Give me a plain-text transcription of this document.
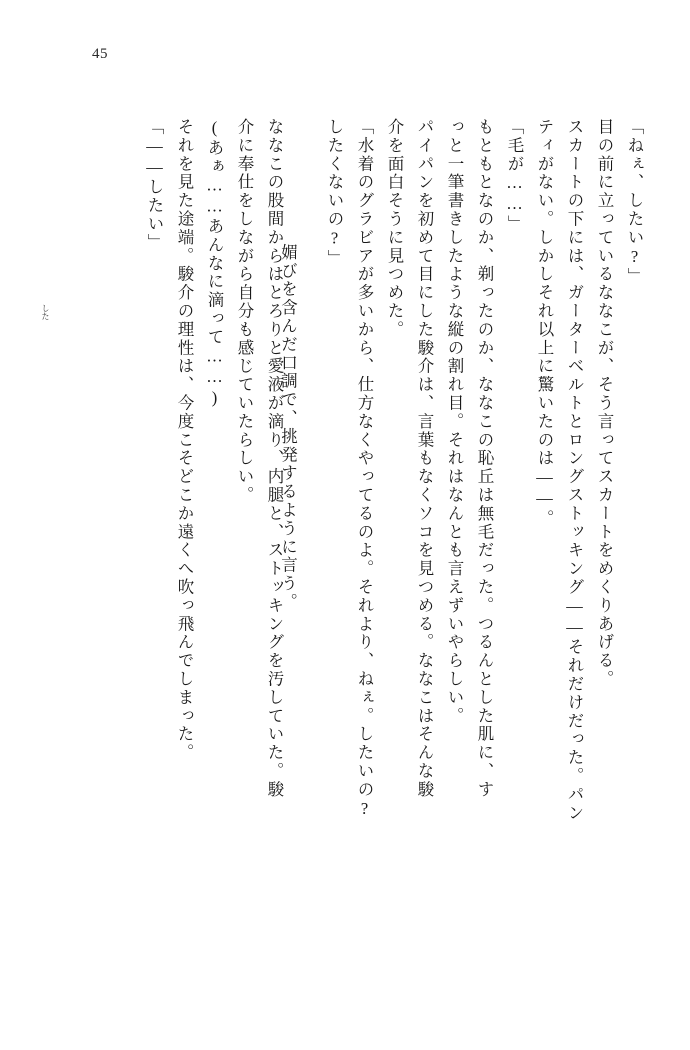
45
「ねぇ、したい?」
目の前に立っているななこが、そう言ってスカートをめくりあげる。
スカートの下には、ガーターベルトとロングストッキング——それだけだった。パン
ティがない。しかしそれ以上に驚いたのは——。
「毛が……」
もともとなのか、剃ったのか、ななこの恥丘は無毛だった。つるんとした肌に、す
っと一筆書きしたような縦の割れ目。それはなんとも言えずいやらしい。
パイパンを初めて目にした駿介は、言葉もなくソコを見つめる。ななこはそんな駿
介を面白そうに見つめた。
「水着のグラビアが多いから、仕方なくやってるのよ。それより、ねぇ。したいの?
したくないの?」

媚びを含んだ口調で、挑発するように言う。

した

	ななこの股間からはとろりと愛液が滴り、内腿と、ストッキングを汚していた。駿
介に奉仕をしながら自分も感じていたらしい。
(あぁ……あんなに滴って……)
それを見た途端。駿介の理性は、今度こそどこか遠くへ吹っ飛んでしまった。
「——したい」
